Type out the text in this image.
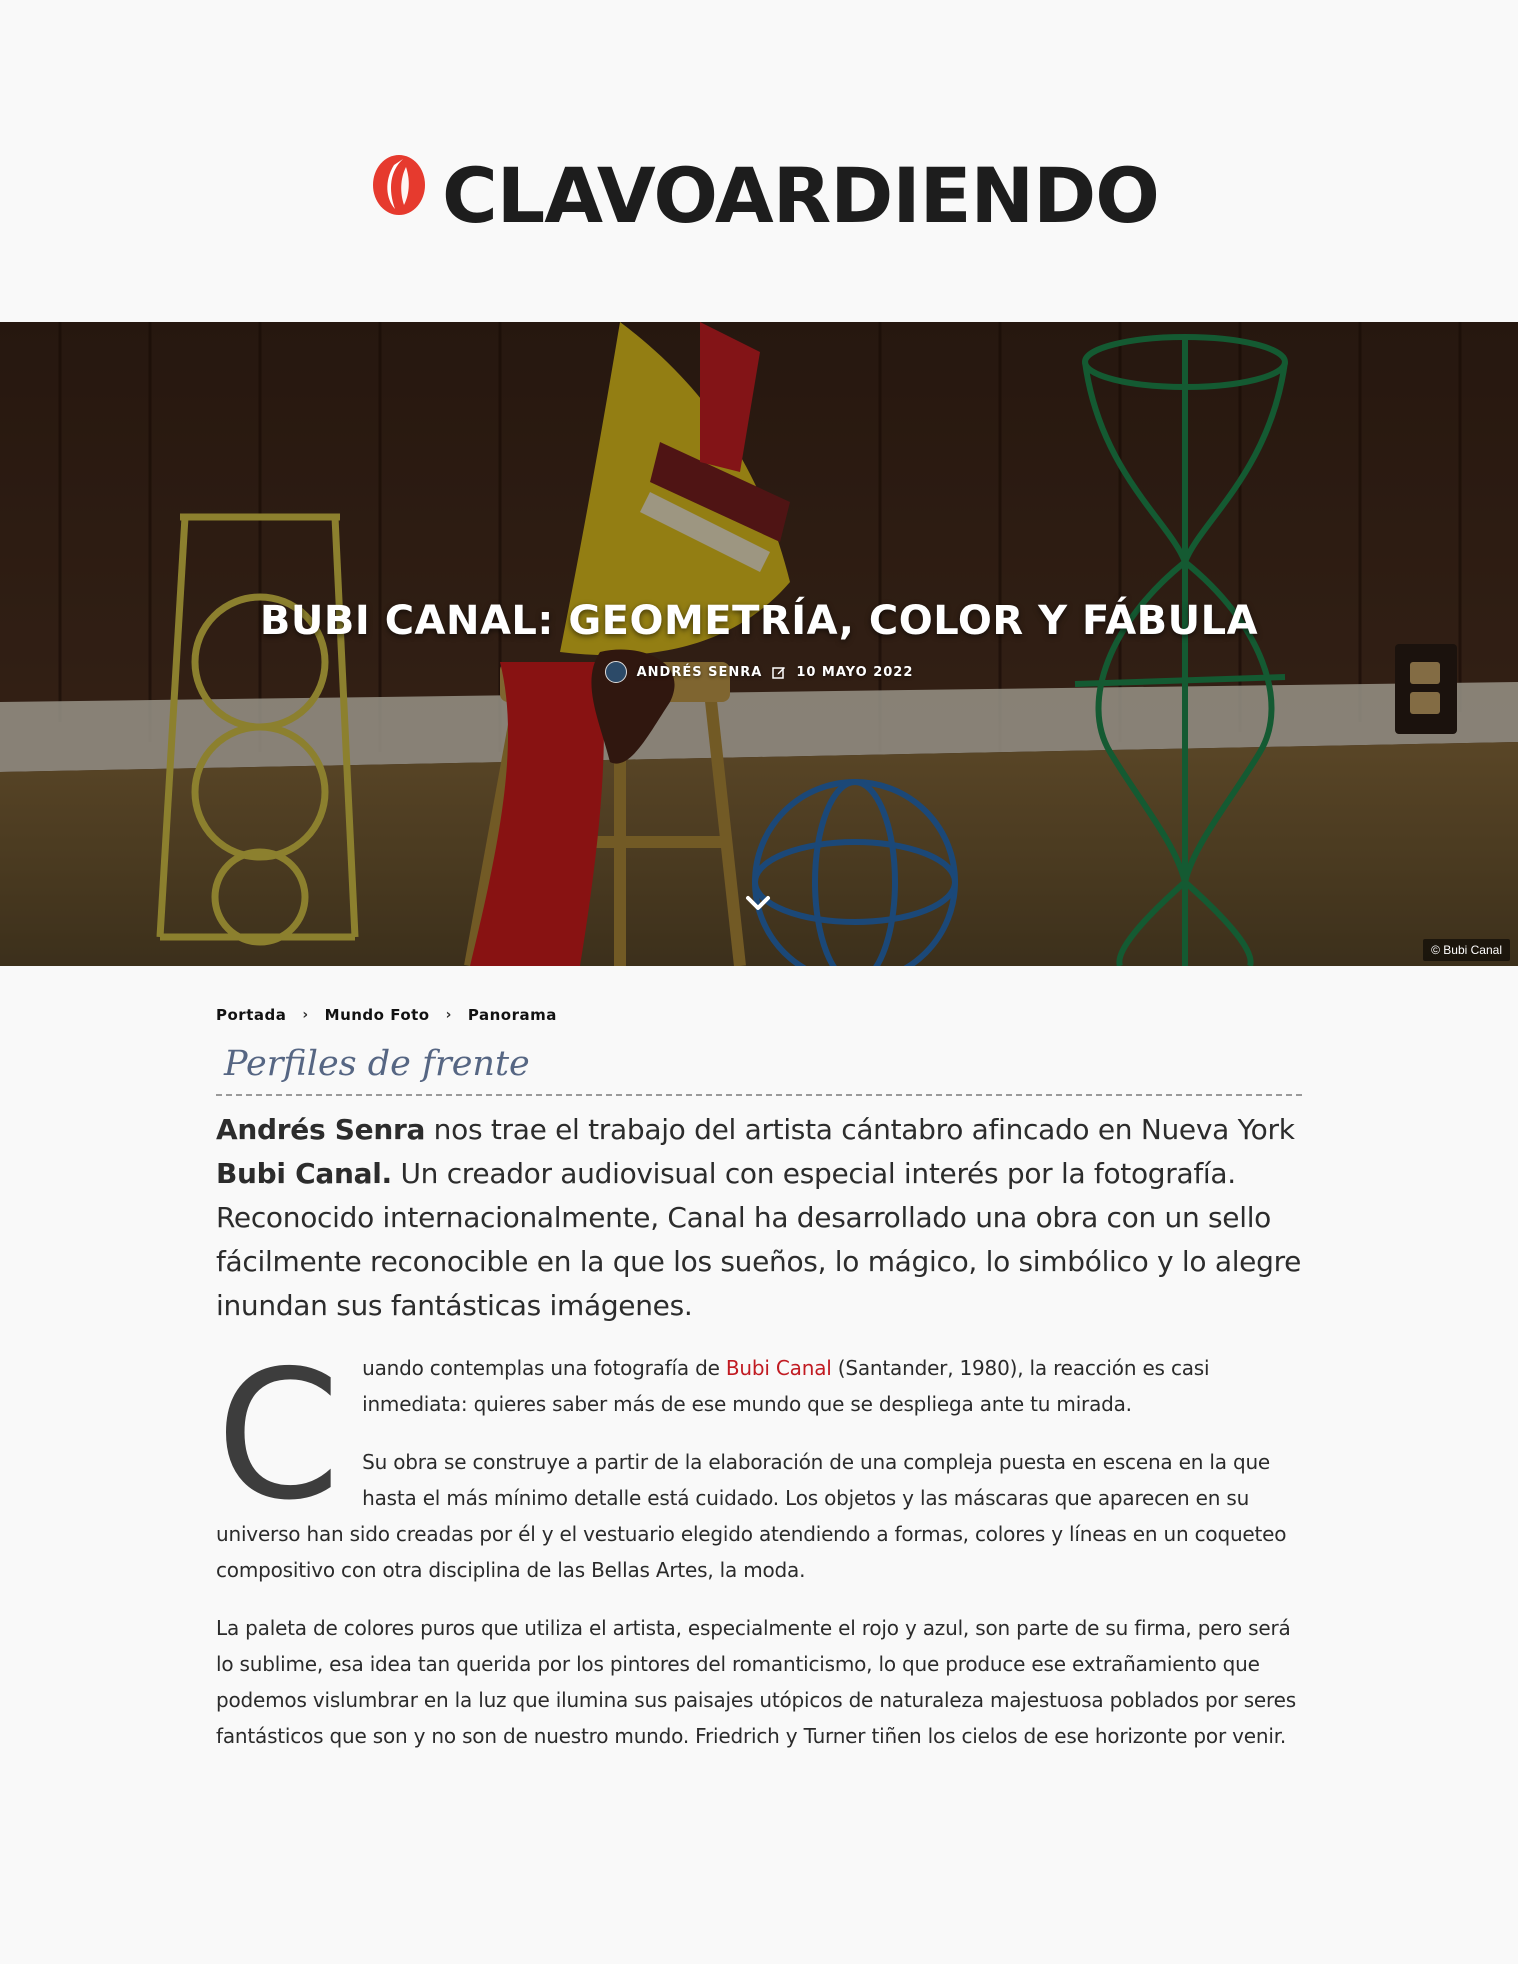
CLAVOARDIENDO
BUBI CANAL: GEOMETRÍA, COLOR Y FÁBULA
ANDRÉS SENRA	10 MAYO 2022
© Bubi Canal
Portada › Mundo Foto › Panorama
Perfiles de frente

Andrés Senra nos trae el trabajo del artista cántabro afincado en Nueva York Bubi Canal. Un creador audiovisual con especial interés por la fotografía. Reconocido internacionalmente, Canal ha desarrollado una obra con un sello fácilmente reconocible en la que los sueños, lo mágico, lo simbólico y lo alegre inundan sus fantásticas imágenes.

C uando contemplas una fotografía de Bubi Canal (Santander, 1980), la reacción es casi inmediata: quieres saber más de ese mundo que se despliega ante tu mirada.

Su obra se construye a partir de la elaboración de una compleja puesta en escena en la que hasta el más mínimo detalle está cuidado. Los objetos y las máscaras que aparecen en su universo han sido creadas por él y el vestuario elegido atendiendo a formas, colores y líneas en un coqueteo compositivo con otra disciplina de las Bellas Artes, la moda.

La paleta de colores puros que utiliza el artista, especialmente el rojo y azul, son parte de su firma, pero será lo sublime, esa idea tan querida por los pintores del romanticismo, lo que produce ese extrañamiento que podemos vislumbrar en la luz que ilumina sus paisajes utópicos de naturaleza majestuosa poblados por seres fantásticos que son y no son de nuestro mundo. Friedrich y Turner tiñen los cielos de ese horizonte por venir.
